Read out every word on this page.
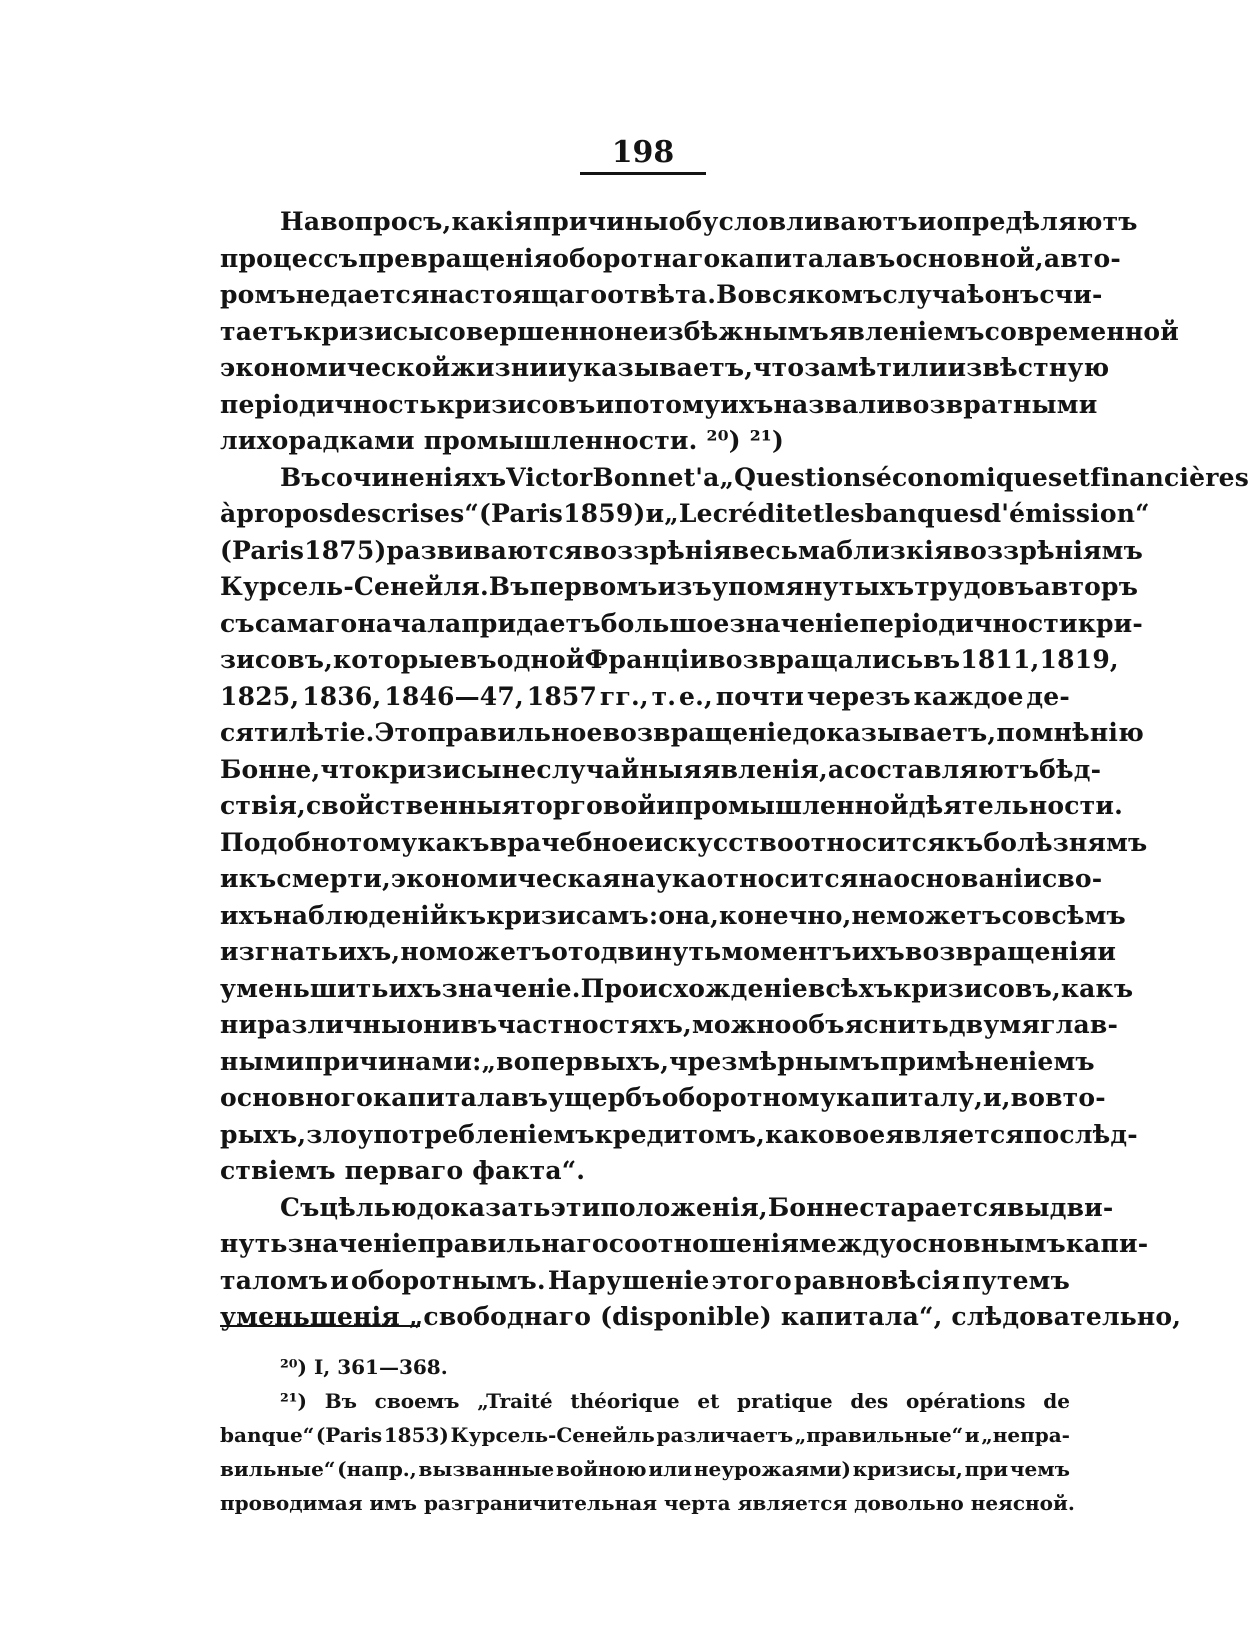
198
На вопросъ, какія причины обусловливаютъ и опредѣляютъ
процессъ превращенія оборотнаго капитала въ основной, авто-
ромъ не дается настоящаго отвѣта. Во всякомъ случаѣ онъ счи-
таетъ кризисы совершенно неизбѣжнымъ явленіемъ современной
экономической жизни и указываетъ, что замѣтили извѣстную
періодичность кризисовъ и потому ихъ назвали возвратными
лихорадками промышленности. ²⁰) ²¹)
Въ сочиненіяхъ Victor Bonnet'a „Questions économiques et financières
à propos des crises“ (Paris 1859) и „Le crédit et les banques d'émission“
(Paris 1875) развиваются воззрѣнія весьма близкія воззрѣніямъ
Курсель-Сенейля. Въ первомъ изъ упомянутыхъ трудовъ авторъ
съ самаго начала придаетъ большое значеніе періодичности кри-
зисовъ, которые въ одной Франціи возвращались въ 1811, 1819,
1825, 1836, 1846—47, 1857 гг., т. е., почти черезъ каждое де-
сятилѣтіе. Это правильное возвращеніе доказываетъ, по мнѣнію
Бонне, что кризисы не случайныя явленія, а составляютъ бѣд-
ствія, свойственныя торговой и промышленной дѣятельности.
Подобно тому какъ врачебное искусство относится къ болѣзнямъ
и къ смерти, экономическая наука относится на основаніи сво-
ихъ наблюденій къ кризисамъ: она, конечно, не можетъ совсѣмъ
изгнать ихъ, но можетъ отодвинуть моментъ ихъ возвращенія и
уменьшить ихъ значеніе. Происхожденіе всѣхъ кризисовъ, какъ
ни различны они въ частностяхъ, можно объяснить двумя глав-
ными причинами: „во первыхъ, чрезмѣрнымъ примѣненіемъ
основного капитала въ ущербъ оборотному капиталу, и, во вто-
рыхъ, злоупотребленіемъ кредитомъ, каковое является послѣд-
ствіемъ перваго факта“.
Съ цѣлью доказать эти положенія, Бонне старается выдви-
нуть значеніе правильнаго соотношенія между основнымъ капи-
таломъ и оборотнымъ. Нарушеніе этого равновѣсія путемъ
уменьшенія „свободнаго (disponible) капитала“, слѣдовательно,
²⁰) I, 361—368.
²¹) Въ своемъ „Traité théorique et pratique des opérations de
banque“ (Paris 1853) Курсель-Сенейль различаетъ „правильные“ и „непра-
вильные“ (напр., вызванные войною или неурожаями) кризисы, при чемъ
проводимая имъ разграничительная черта является довольно неясной.
